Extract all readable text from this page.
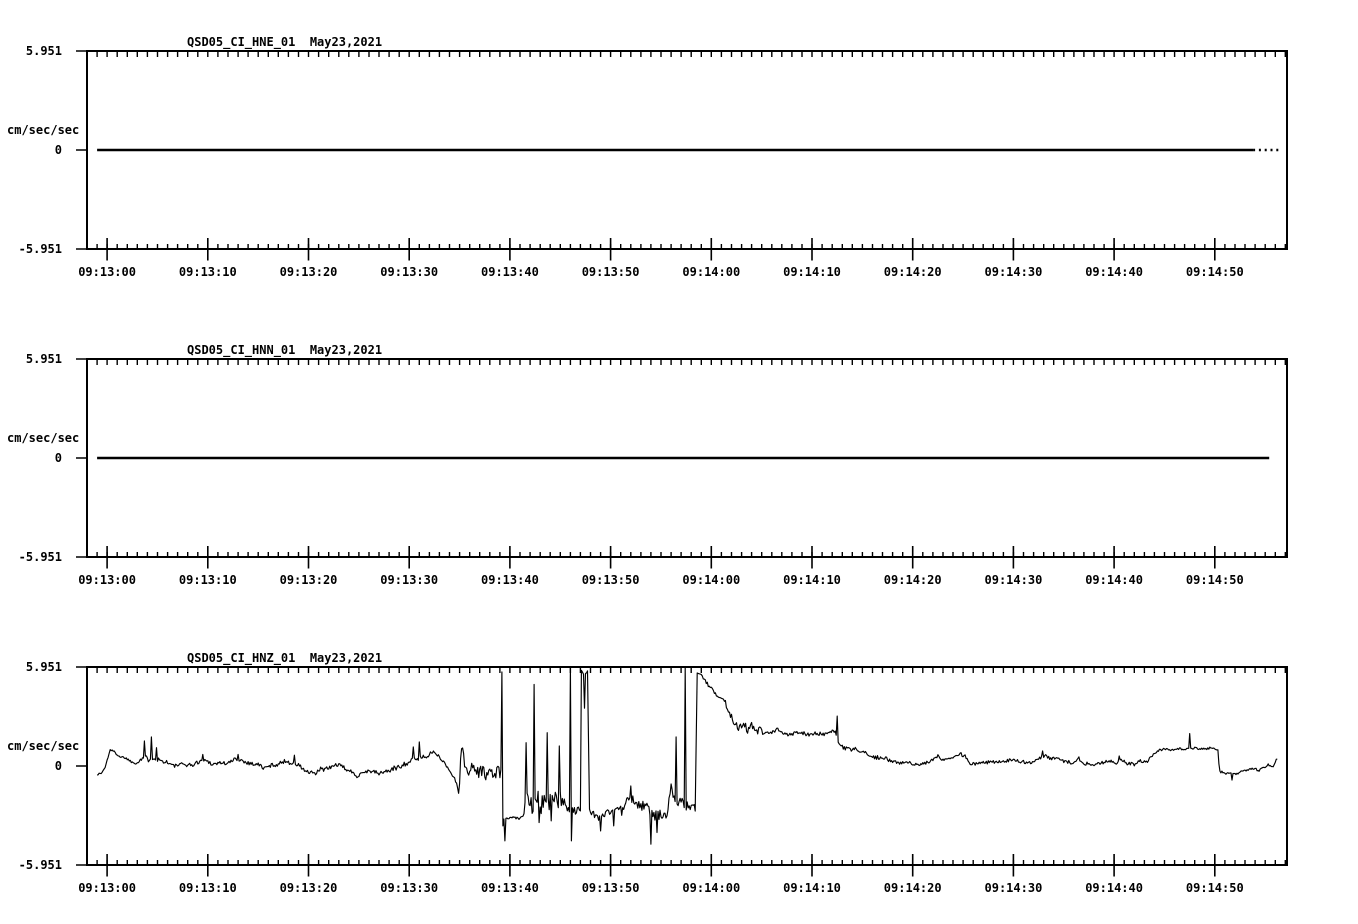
QSD05_CI_HNE_01  May23,2021
5.951
cm/sec/sec
0
-5.951
09:13:00	09:13:10	09:13:20	09:13:30	09:13:40	09:13:50	09:14:00	09:14:10	09:14:20	09:14:30	09:14:40	09:14:50
QSD05_CI_HNN_01  May23,2021
5.951
cm/sec/sec
0
-5.951
09:13:00	09:13:10	09:13:20	09:13:30	09:13:40	09:13:50	09:14:00	09:14:10	09:14:20	09:14:30	09:14:40	09:14:50
QSD05_CI_HNZ_01  May23,2021
5.951
cm/sec/sec
0
-5.951
09:13:00	09:13:10	09:13:20	09:13:30	09:13:40	09:13:50	09:14:00	09:14:10	09:14:20	09:14:30	09:14:40	09:14:50
